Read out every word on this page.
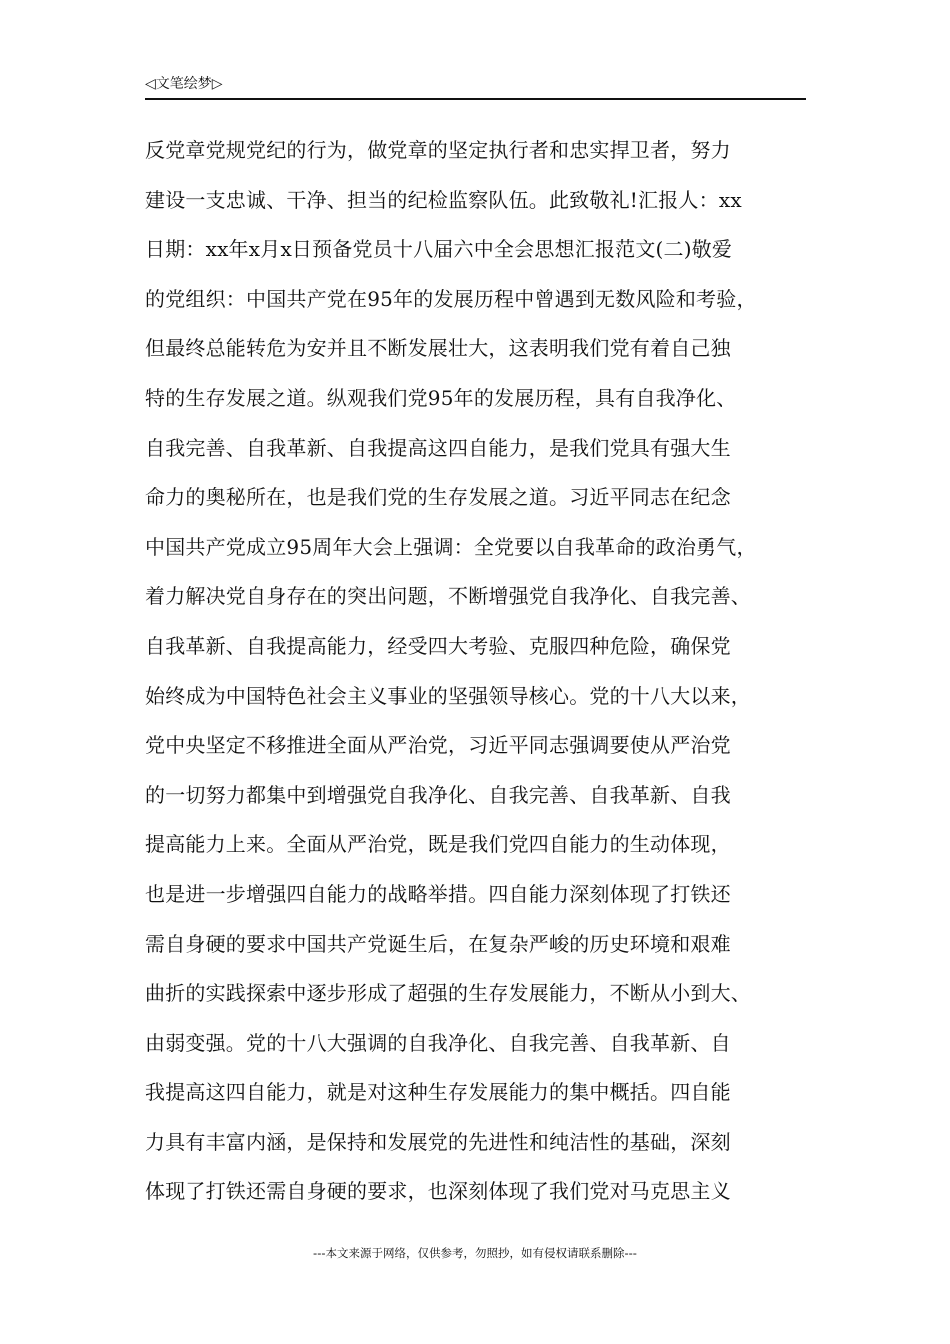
◁文笔绘梦▷
反党章党规党纪的行为，做党章的坚定执行者和忠实捍卫者，努力
建设一支忠诚、干净、担当的纪检监察队伍。此致敬礼!汇报人：xx
日期：xx年x月x日预备党员十八届六中全会思想汇报范文(二)敬爱
的党组织：中国共产党在95年的发展历程中曾遇到无数风险和考验，
但最终总能转危为安并且不断发展壮大，这表明我们党有着自己独
特的生存发展之道。纵观我们党95年的发展历程，具有自我净化、
自我完善、自我革新、自我提高这四自能力，是我们党具有强大生
命力的奥秘所在，也是我们党的生存发展之道。习近平同志在纪念
中国共产党成立95周年大会上强调：全党要以自我革命的政治勇气，
着力解决党自身存在的突出问题，不断增强党自我净化、自我完善、
自我革新、自我提高能力，经受四大考验、克服四种危险，确保党
始终成为中国特色社会主义事业的坚强领导核心。党的十八大以来，
党中央坚定不移推进全面从严治党，习近平同志强调要使从严治党
的一切努力都集中到增强党自我净化、自我完善、自我革新、自我
提高能力上来。全面从严治党，既是我们党四自能力的生动体现，
也是进一步增强四自能力的战略举措。四自能力深刻体现了打铁还
需自身硬的要求中国共产党诞生后，在复杂严峻的历史环境和艰难
曲折的实践探索中逐步形成了超强的生存发展能力，不断从小到大、
由弱变强。党的十八大强调的自我净化、自我完善、自我革新、自
我提高这四自能力，就是对这种生存发展能力的集中概括。四自能
力具有丰富内涵，是保持和发展党的先进性和纯洁性的基础，深刻
体现了打铁还需自身硬的要求，也深刻体现了我们党对马克思主义
---本文来源于网络，仅供参考，勿照抄，如有侵权请联系删除---
